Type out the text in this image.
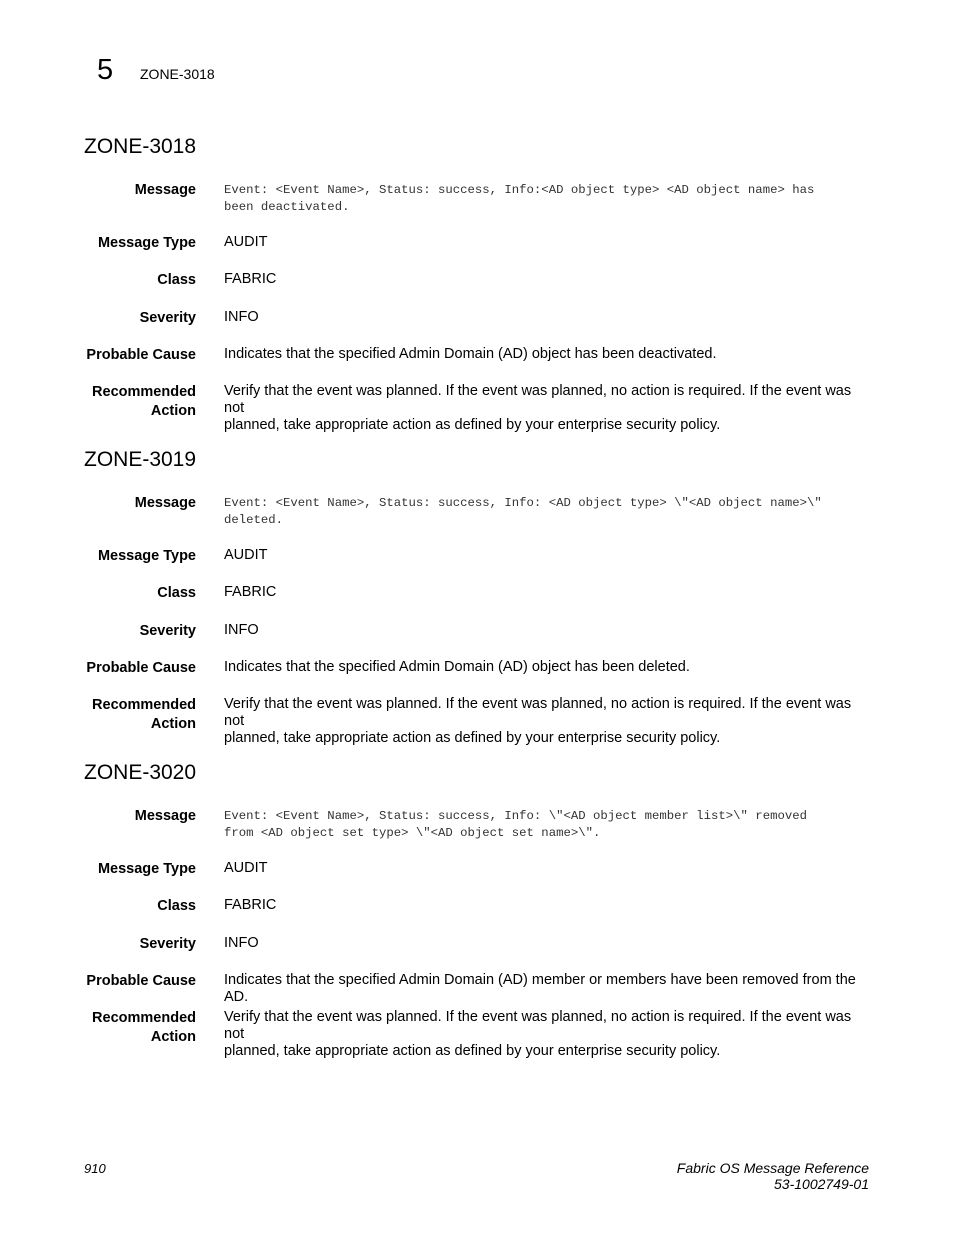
5 ZONE-3018
ZONE-3018
Message Event: <Event Name>, Status: success, Info:<AD object type> <AD object name> has
been deactivated.
Message Type AUDIT
Class FABRIC
Severity INFO
Probable Cause Indicates that the specified Admin Domain (AD) object has been deactivated.
Recommended
Action
Verify that the event was planned. If the event was planned, no action is required. If the event was not
planned, take appropriate action as defined by your enterprise security policy.
ZONE-3019
Message Event: <Event Name>, Status: success, Info: <AD object type> \"<AD object name>\"
deleted.
Message Type AUDIT
Class FABRIC
Severity INFO
Probable Cause Indicates that the specified Admin Domain (AD) object has been deleted.
Recommended
Action
Verify that the event was planned. If the event was planned, no action is required. If the event was not
planned, take appropriate action as defined by your enterprise security policy.
ZONE-3020
Message Event: <Event Name>, Status: success, Info: \"<AD object member list>\" removed
from <AD object set type> \"<AD object set name>\".
Message Type AUDIT
Class FABRIC
Severity INFO
Probable Cause Indicates that the specified Admin Domain (AD) member or members have been removed from the AD.
Recommended
Action
Verify that the event was planned. If the event was planned, no action is required. If the event was not
planned, take appropriate action as defined by your enterprise security policy.
910	Fabric OS Message Reference
53-1002749-01
